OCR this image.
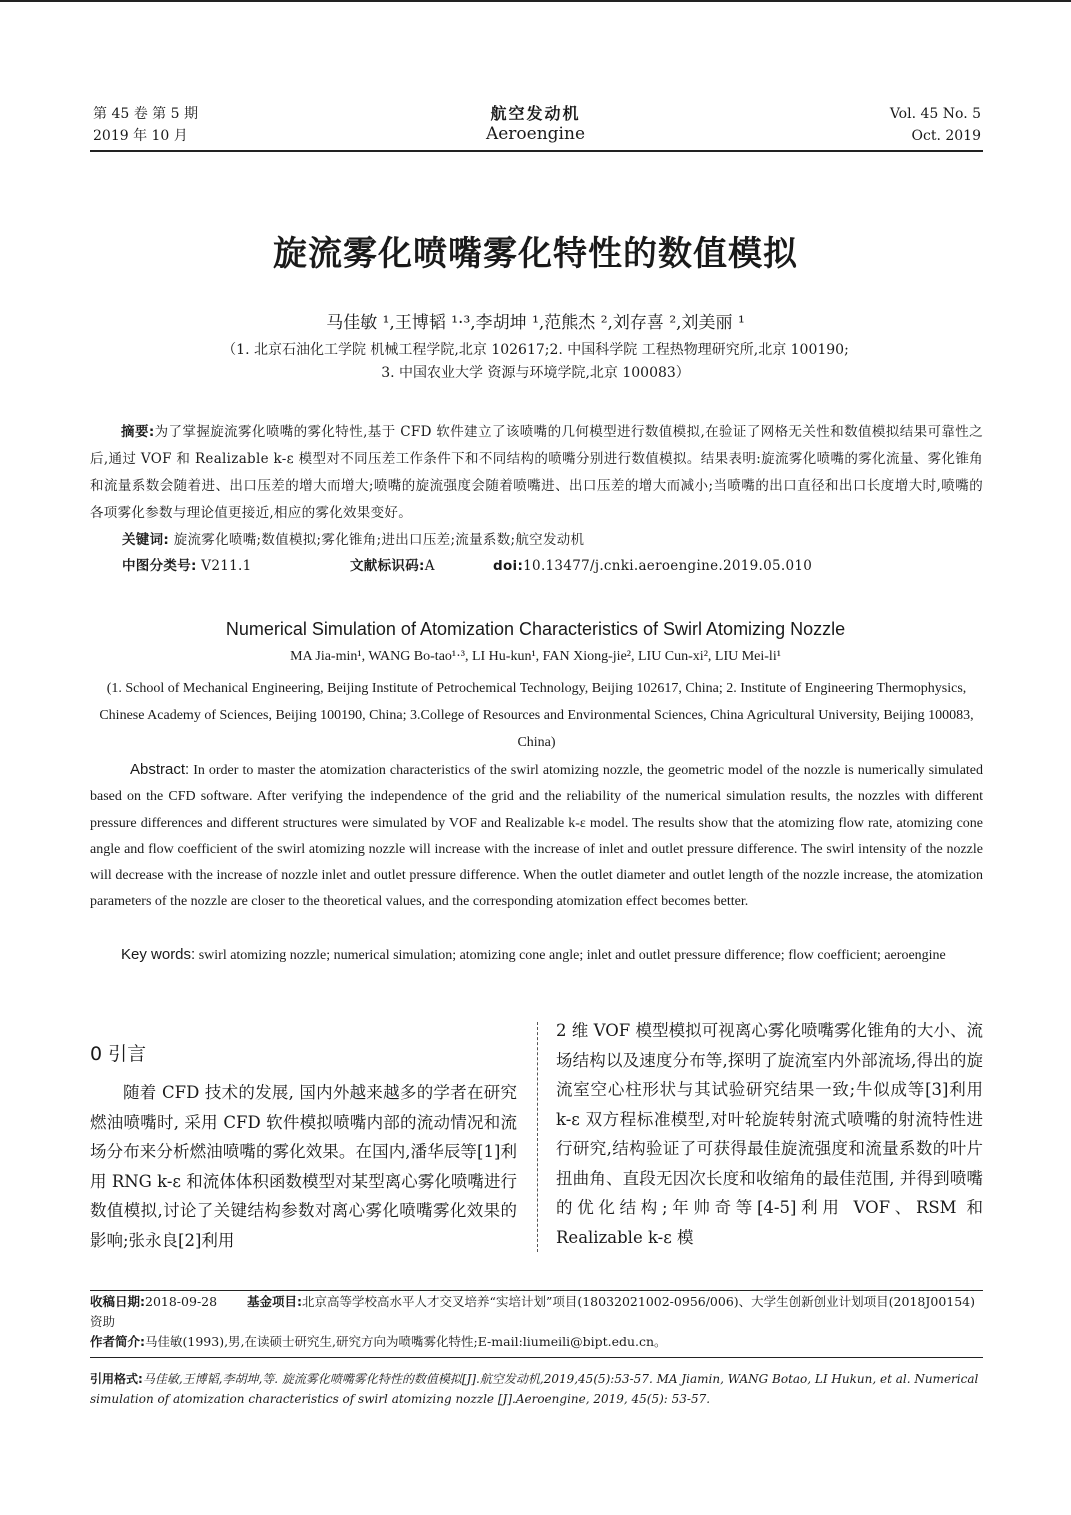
第 45 卷 第 5 期
2019 年 10 月
航空发动机
Aeroengine
Vol. 45 No. 5
Oct. 2019
旋流雾化喷嘴雾化特性的数值模拟
马佳敏 ¹,王博韬 ¹·³,李胡坤 ¹,范熊杰 ²,刘存喜 ²,刘美丽 ¹
（1. 北京石油化工学院 机械工程学院,北京 102617;2. 中国科学院 工程热物理研究所,北京 100190;
3. 中国农业大学 资源与环境学院,北京 100083）
摘要:为了掌握旋流雾化喷嘴的雾化特性,基于 CFD 软件建立了该喷嘴的几何模型进行数值模拟,在验证了网格无关性和数值模拟结果可靠性之后,通过 VOF 和 Realizable k-ε 模型对不同压差工作条件下和不同结构的喷嘴分别进行数值模拟。结果表明:旋流雾化喷嘴的雾化流量、雾化锥角和流量系数会随着进、出口压差的增大而增大;喷嘴的旋流强度会随着喷嘴进、出口压差的增大而减小;当喷嘴的出口直径和出口长度增大时,喷嘴的各项雾化参数与理论值更接近,相应的雾化效果变好。
关键词: 旋流雾化喷嘴;数值模拟;雾化锥角;进出口压差;流量系数;航空发动机
中图分类号: V211.1	文献标识码:A	doi:10.13477/j.cnki.aeroengine.2019.05.010
Numerical Simulation of Atomization Characteristics of Swirl Atomizing Nozzle
MA Jia-min¹, WANG Bo-tao¹·³, LI Hu-kun¹, FAN Xiong-jie², LIU Cun-xi², LIU Mei-li¹
(1. School of Mechanical Engineering, Beijing Institute of Petrochemical Technology, Beijing 102617, China; 2. Institute of Engineering Thermophysics, Chinese Academy of Sciences, Beijing 100190, China; 3.College of Resources and Environmental Sciences, China Agricultural University, Beijing 100083, China)
Abstract: In order to master the atomization characteristics of the swirl atomizing nozzle, the geometric model of the nozzle is numerically simulated based on the CFD software. After verifying the independence of the grid and the reliability of the numerical simulation results, the nozzles with different pressure differences and different structures were simulated by VOF and Realizable k-ε model. The results show that the atomizing flow rate, atomizing cone angle and flow coefficient of the swirl atomizing nozzle will increase with the increase of inlet and outlet pressure difference. The swirl intensity of the nozzle will decrease with the increase of nozzle inlet and outlet pressure difference. When the outlet diameter and outlet length of the nozzle increase, the atomization parameters of the nozzle are closer to the theoretical values, and the corresponding atomization effect becomes better.
Key words: swirl atomizing nozzle; numerical simulation; atomizing cone angle; inlet and outlet pressure difference; flow coefficient; aeroengine
0 引言

随着 CFD 技术的发展, 国内外越来越多的学者在研究燃油喷嘴时, 采用 CFD 软件模拟喷嘴内部的流动情况和流场分布来分析燃油喷嘴的雾化效果。在国内,潘华辰等[1]利用 RNG k-ε 和流体体积函数模型对某型离心雾化喷嘴进行数值模拟,讨论了关键结构参数对离心雾化喷嘴雾化效果的影响;张永良[2]利用

2 维 VOF 模型模拟可视离心雾化喷嘴雾化锥角的大小、流场结构以及速度分布等,探明了旋流室内外部流场,得出的旋流室空心柱形状与其试验研究结果一致;牛似成等[3]利用 k-ε 双方程标准模型,对叶轮旋转射流式喷嘴的射流特性进行研究,结构验证了可获得最佳旋流强度和流量系数的叶片扭曲角、直段无因次长度和收缩角的最佳范围, 并得到喷嘴的优化结构;年帅奇等[4-5]利用 VOF、RSM 和 Realizable k-ε 模

收稿日期:2018-09-28 基金项目:北京高等学校高水平人才交叉培养“实培计划”项目(18032021002-0956/006)、大学生创新创业计划项目(2018J00154)资助
作者简介:马佳敏(1993),男,在读硕士研究生,研究方向为喷嘴雾化特性;E-mail:liumeili@bipt.edu.cn。
引用格式:马佳敏,王博韬,李胡坤,等. 旋流雾化喷嘴雾化特性的数值模拟[J].航空发动机,2019,45(5):53-57. MA Jiamin, WANG Botao, LI Hukun, et al. Numerical simulation of atomization characteristics of swirl atomizing nozzle [J].Aeroengine, 2019, 45(5): 53-57.
